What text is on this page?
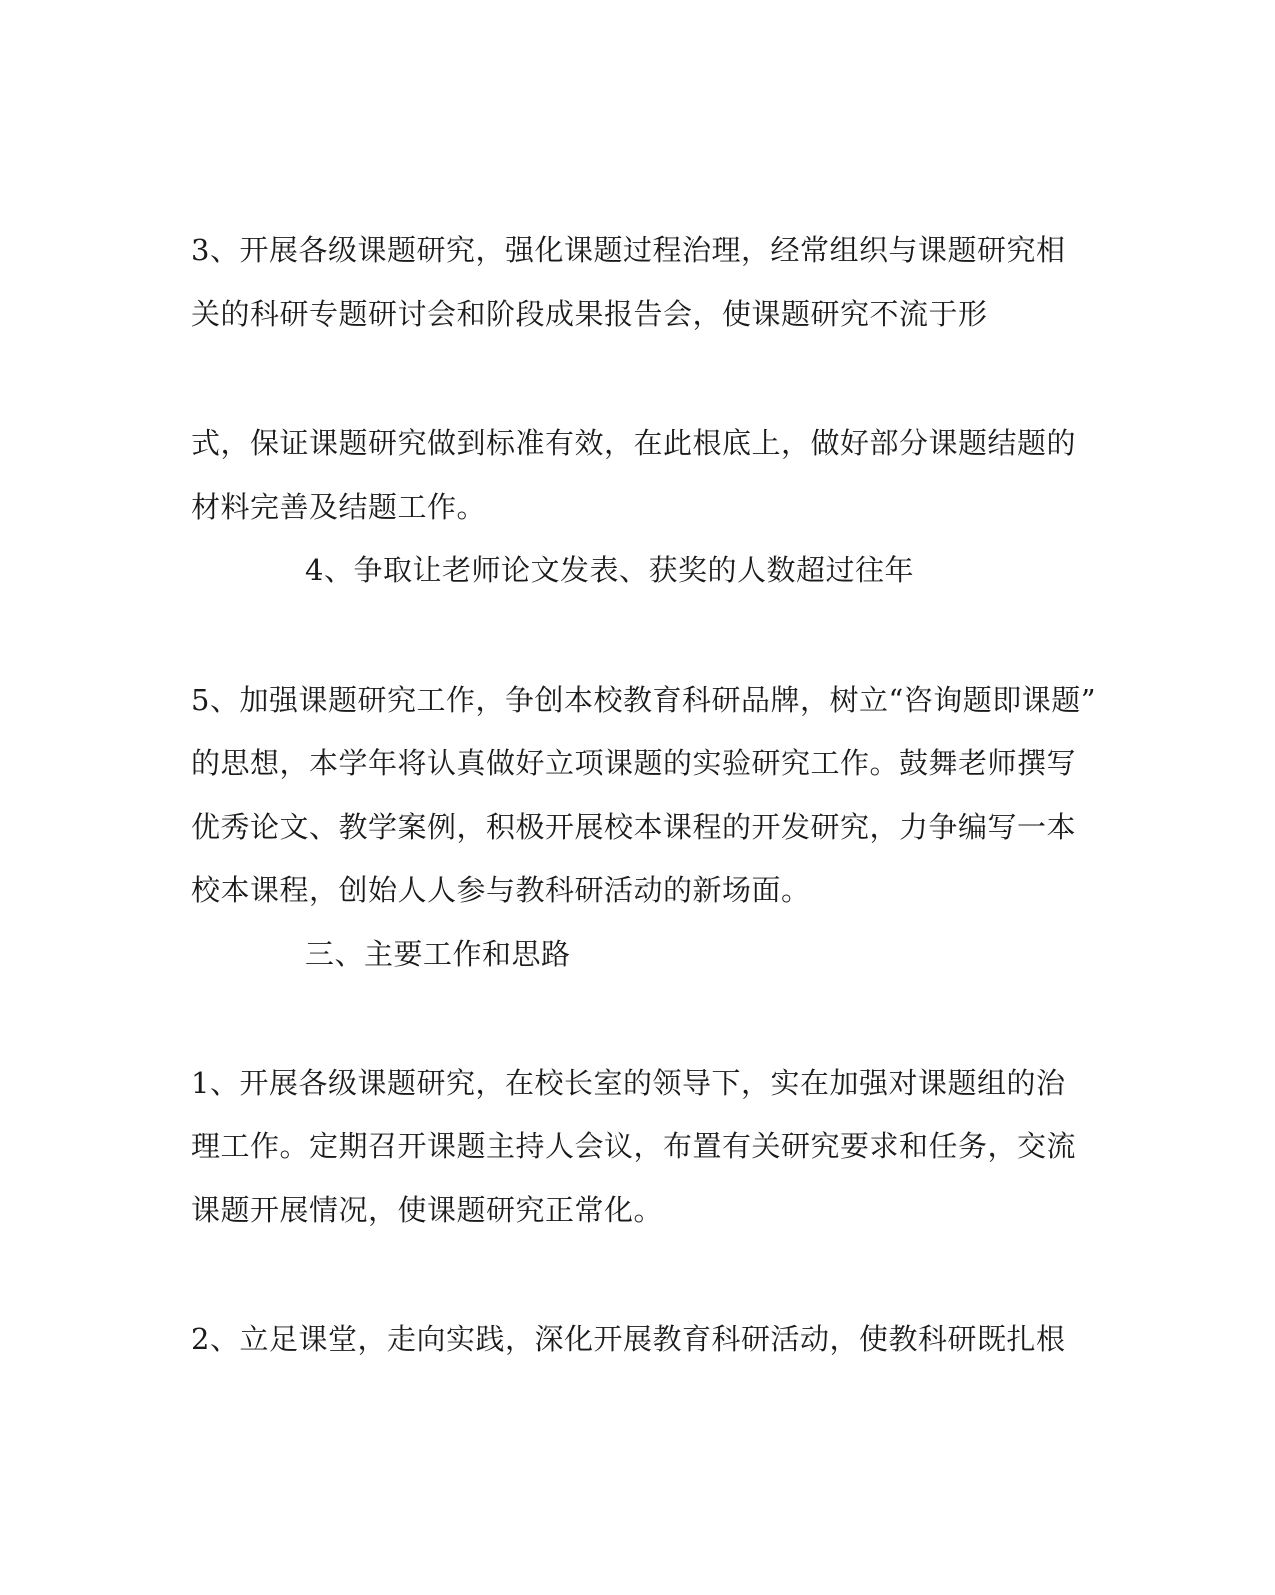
3、开展各级课题研究，强化课题过程治理，经常组织与课题研究相
关的科研专题研讨会和阶段成果报告会，使课题研究不流于形
式，保证课题研究做到标准有效，在此根底上，做好部分课题结题的
材料完善及结题工作。
4、争取让老师论文发表、获奖的人数超过往年
5、加强课题研究工作，争创本校教育科研品牌，树立“咨询题即课题”
的思想，本学年将认真做好立项课题的实验研究工作。鼓舞老师撰写
优秀论文、教学案例，积极开展校本课程的开发研究，力争编写一本
校本课程，创始人人参与教科研活动的新场面。
三、主要工作和思路
1、开展各级课题研究，在校长室的领导下，实在加强对课题组的治
理工作。定期召开课题主持人会议，布置有关研究要求和任务，交流
课题开展情况，使课题研究正常化。
2、立足课堂，走向实践，深化开展教育科研活动，使教科研既扎根
